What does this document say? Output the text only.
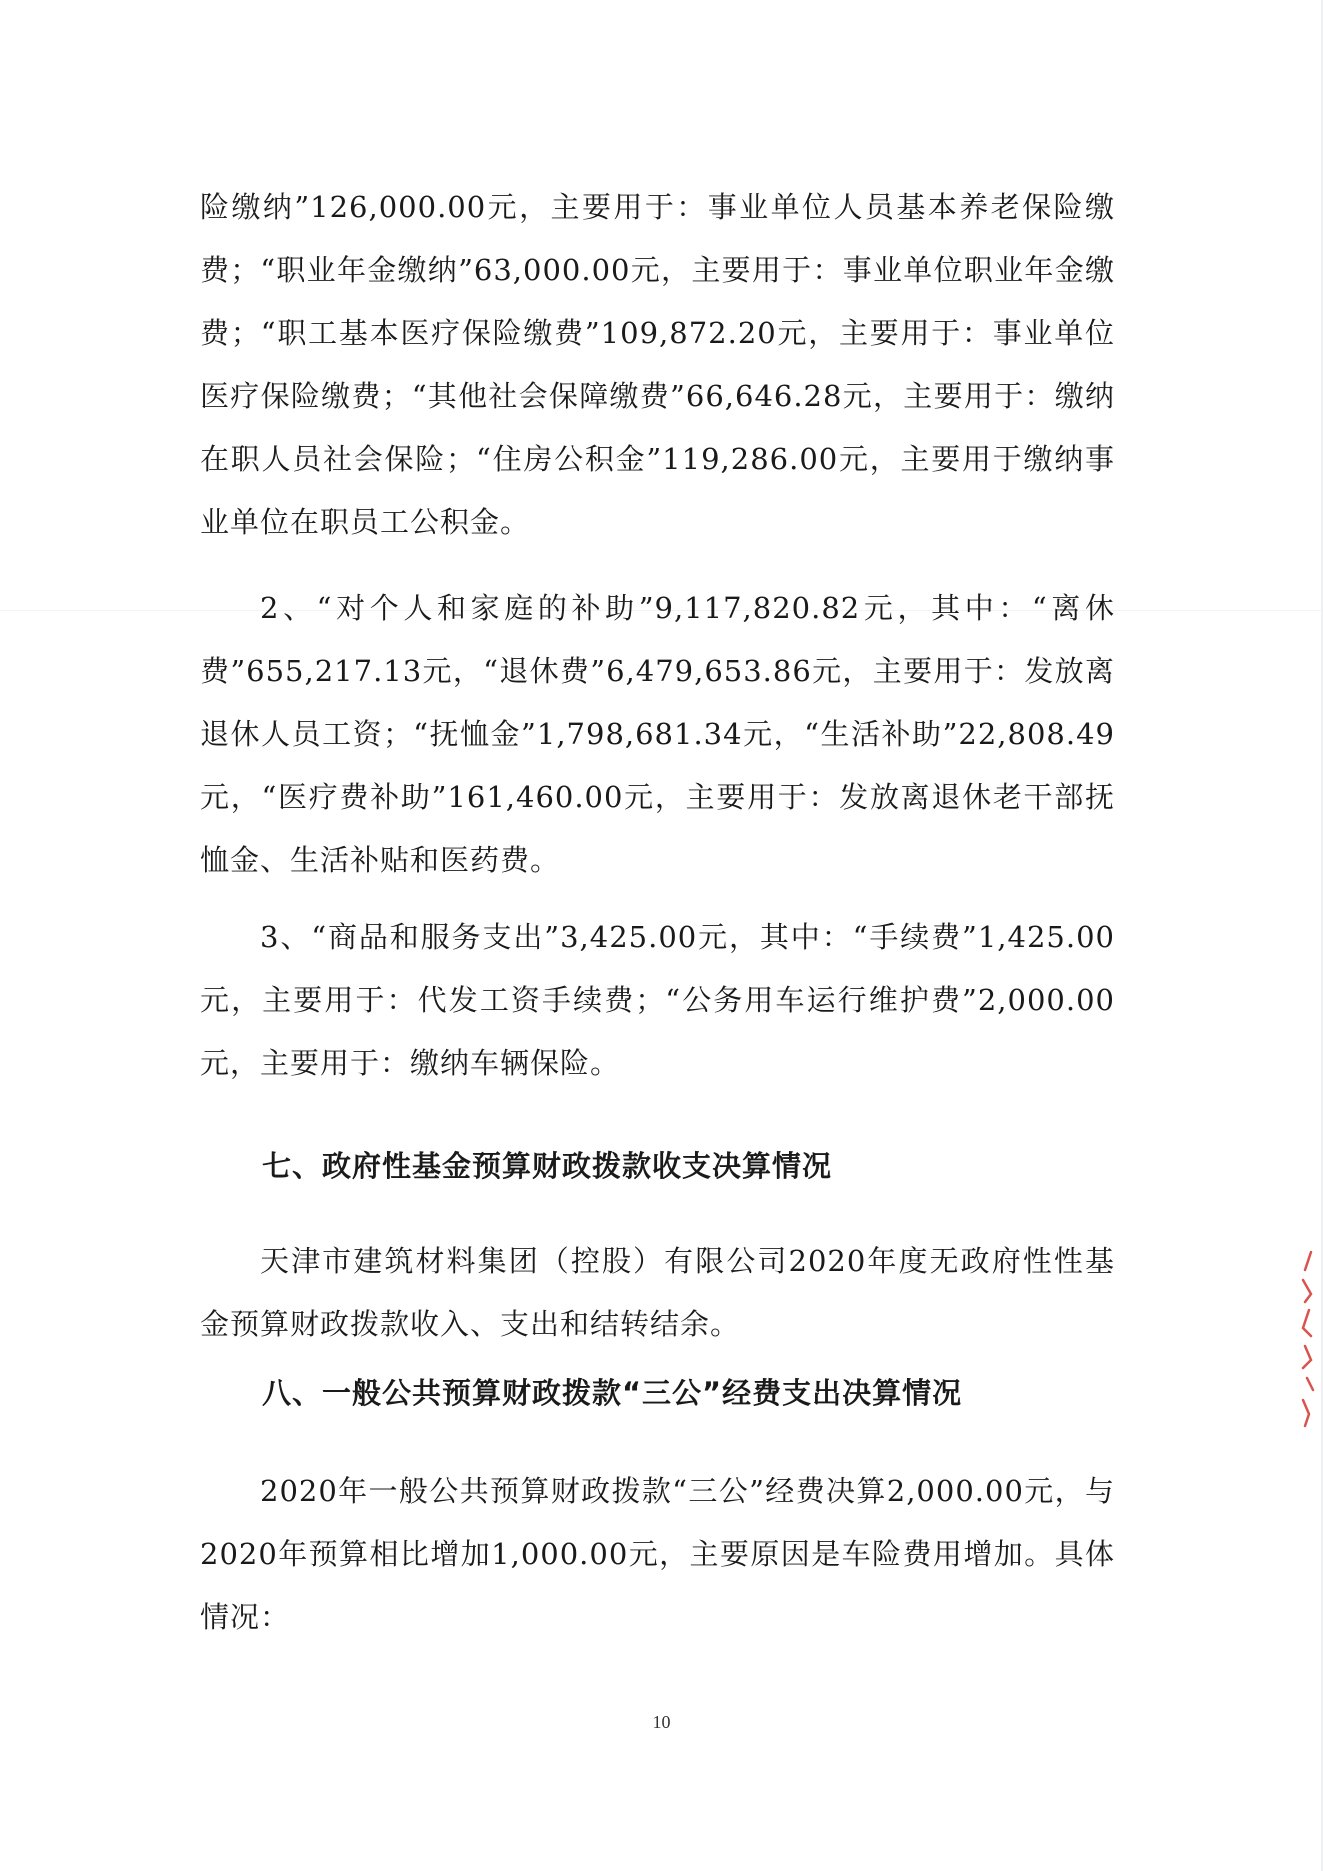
险缴纳”126,000.00元，主要用于：事业单位人员基本养老保险缴费；“职业年金缴纳”63,000.00元，主要用于：事业单位职业年金缴费；“职工基本医疗保险缴费”109,872.20元，主要用于：事业单位医疗保险缴费；“其他社会保障缴费”66,646.28元，主要用于：缴纳在职人员社会保险；“住房公积金”119,286.00元，主要用于缴纳事业单位在职员工公积金。

2、“对个人和家庭的补助”9,117,820.82元，其中：“离休费”655,217.13元，“退休费”6,479,653.86元，主要用于：发放离退休人员工资；“抚恤金”1,798,681.34元，“生活补助”22,808.49元，“医疗费补助”161,460.00元，主要用于：发放离退休老干部抚恤金、生活补贴和医药费。

3、“商品和服务支出”3,425.00元，其中：“手续费”1,425.00元，主要用于：代发工资手续费；“公务用车运行维护费”2,000.00元，主要用于：缴纳车辆保险。

七、政府性基金预算财政拨款收支决算情况

天津市建筑材料集团（控股）有限公司2020年度无政府性性基金预算财政拨款收入、支出和结转结余。

八、一般公共预算财政拨款“三公”经费支出决算情况

2020年一般公共预算财政拨款“三公”经费决算2,000.00元，与2020年预算相比增加1,000.00元，主要原因是车险费用增加。具体情况：

10
